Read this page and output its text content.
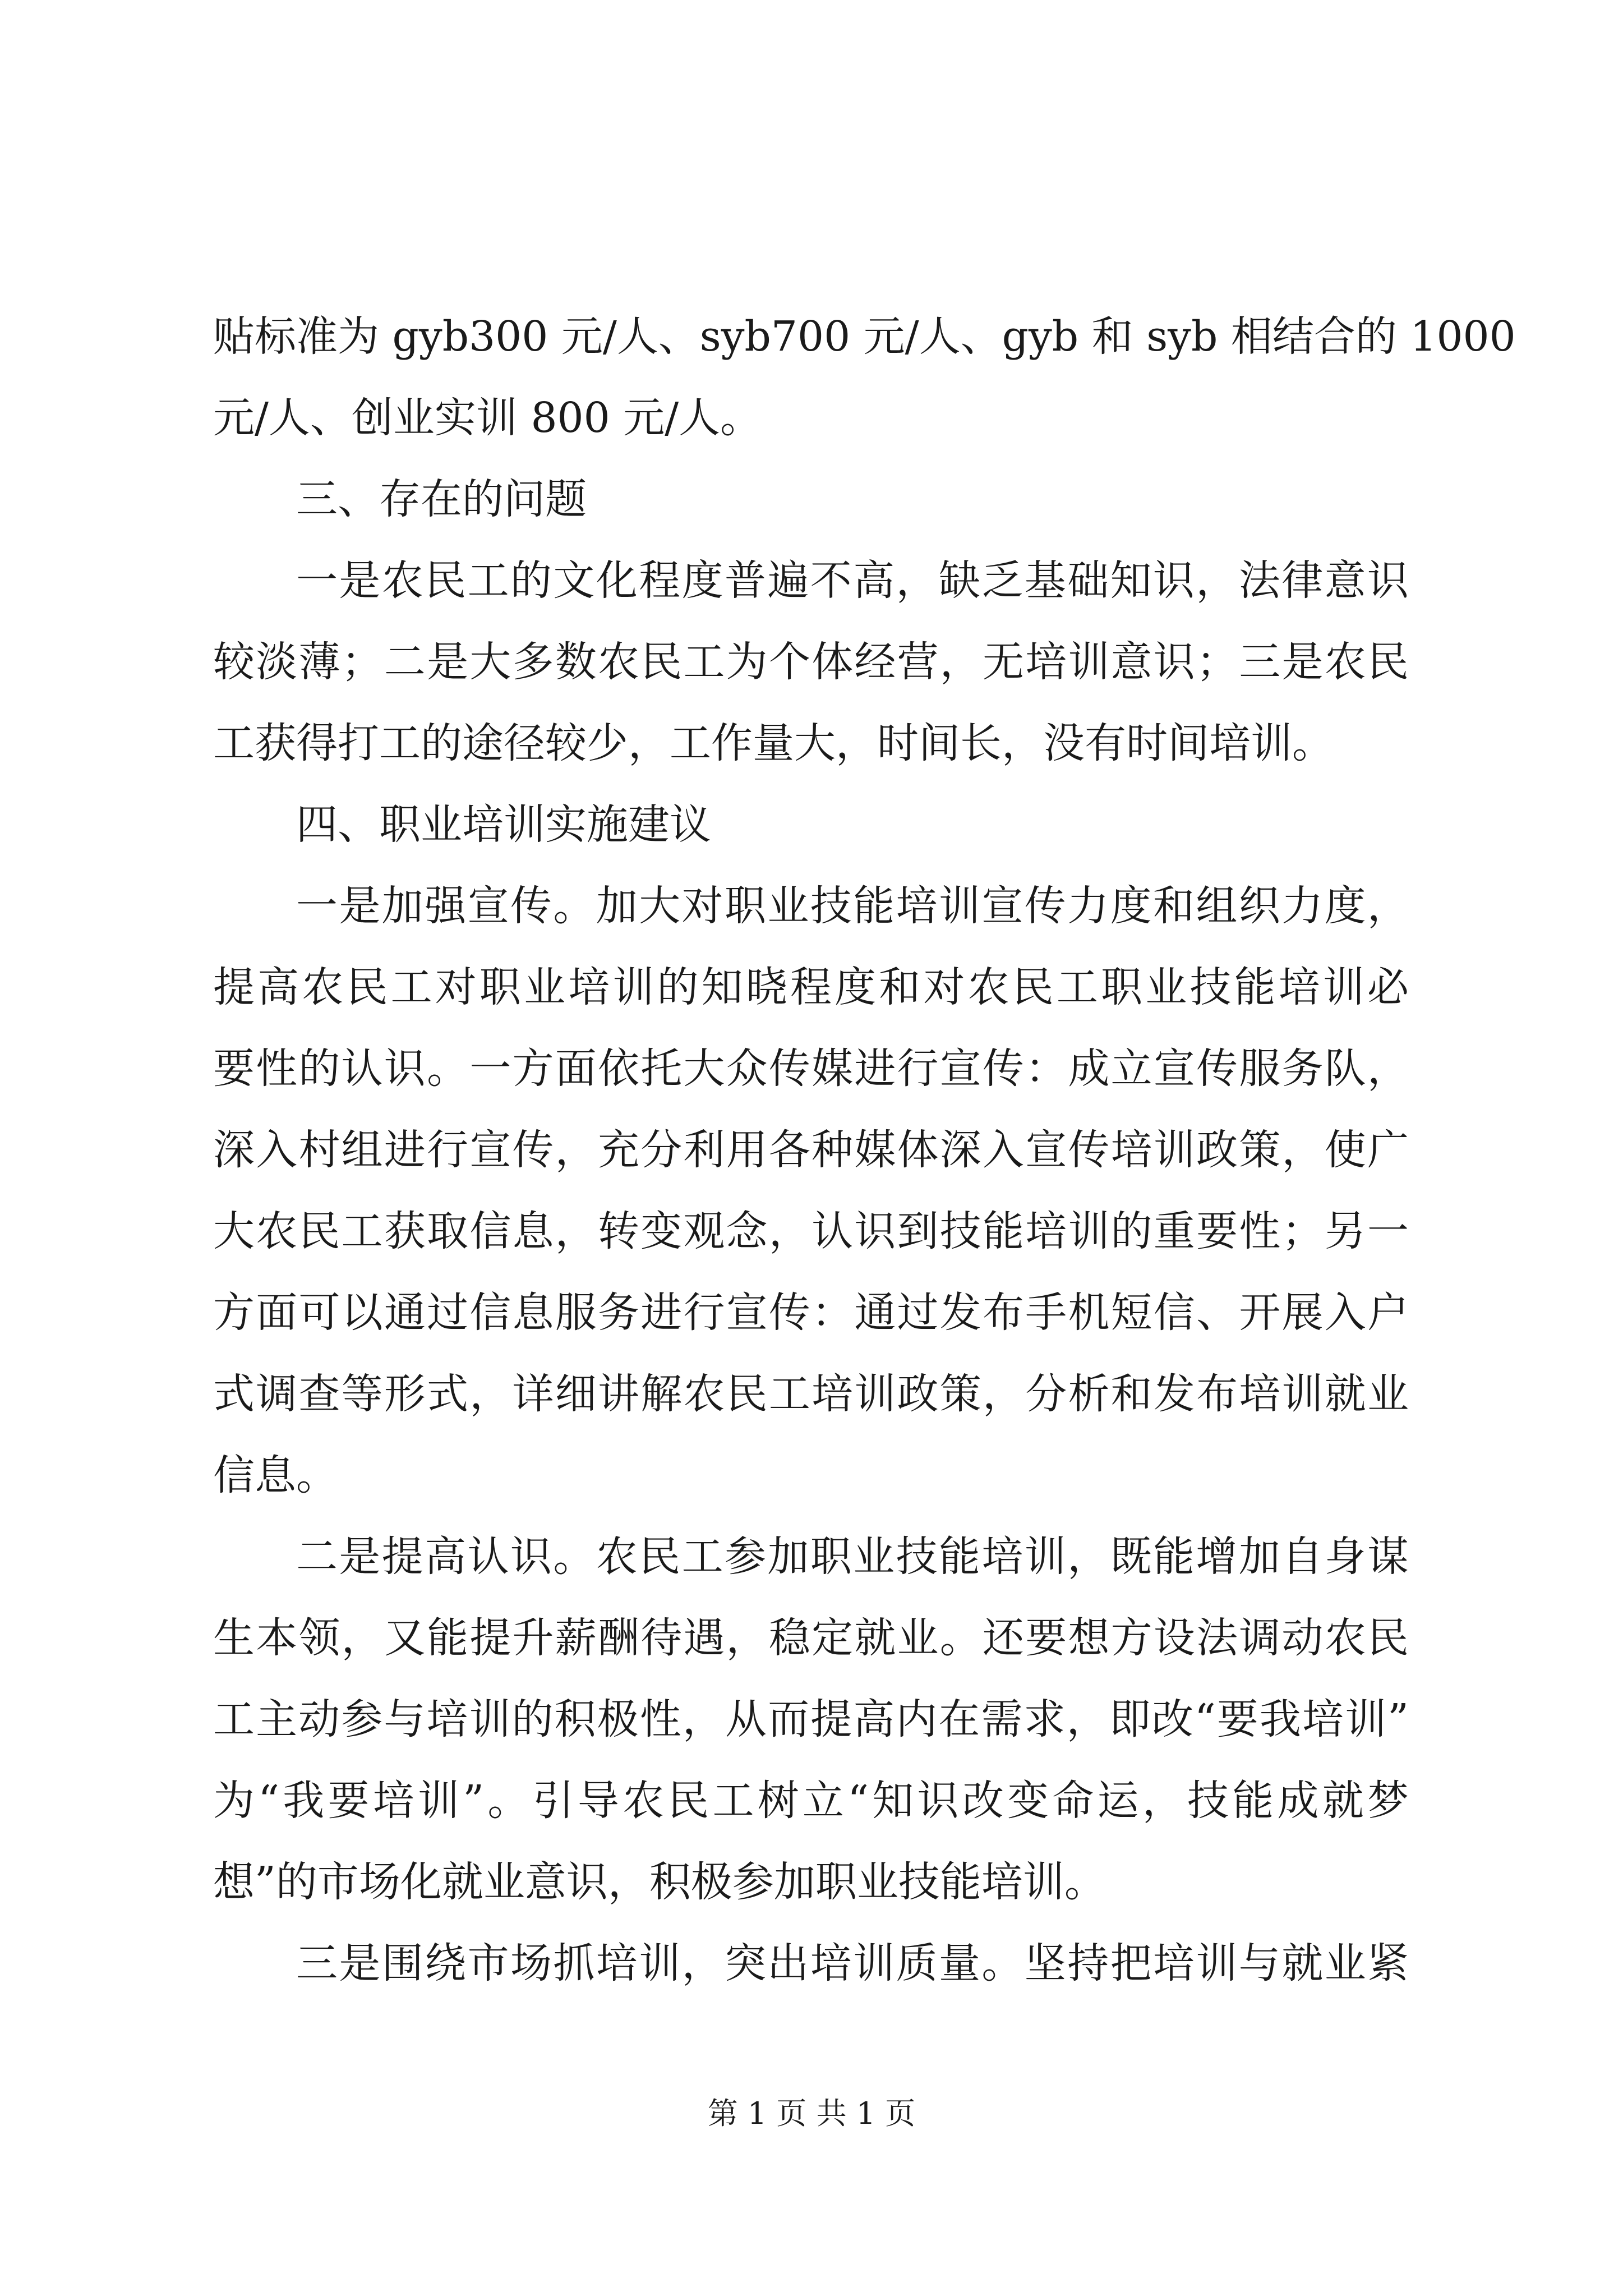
贴标准为 gyb300 元/人、syb700 元/人、gyb 和 syb 相结合的 1000
元/人、创业实训 800 元/人。
三、存在的问题
一是农民工的文化程度普遍不高，缺乏基础知识，法律意识
较淡薄；二是大多数农民工为个体经营，无培训意识；三是农民
工获得打工的途径较少，工作量大，时间长，没有时间培训。
四、职业培训实施建议
一是加强宣传。加大对职业技能培训宣传力度和组织力度，
提高农民工对职业培训的知晓程度和对农民工职业技能培训必
要性的认识。一方面依托大众传媒进行宣传：成立宣传服务队，
深入村组进行宣传，充分利用各种媒体深入宣传培训政策，使广
大农民工获取信息，转变观念，认识到技能培训的重要性；另一
方面可以通过信息服务进行宣传：通过发布手机短信、开展入户
式调查等形式，详细讲解农民工培训政策，分析和发布培训就业
信息。
二是提高认识。农民工参加职业技能培训，既能增加自身谋
生本领，又能提升薪酬待遇，稳定就业。还要想方设法调动农民
工主动参与培训的积极性，从而提高内在需求，即改“要我培训”
为“我要培训”。引导农民工树立“知识改变命运，技能成就梦
想”的市场化就业意识，积极参加职业技能培训。
三是围绕市场抓培训，突出培训质量。坚持把培训与就业紧
第 1 页 共 1 页
